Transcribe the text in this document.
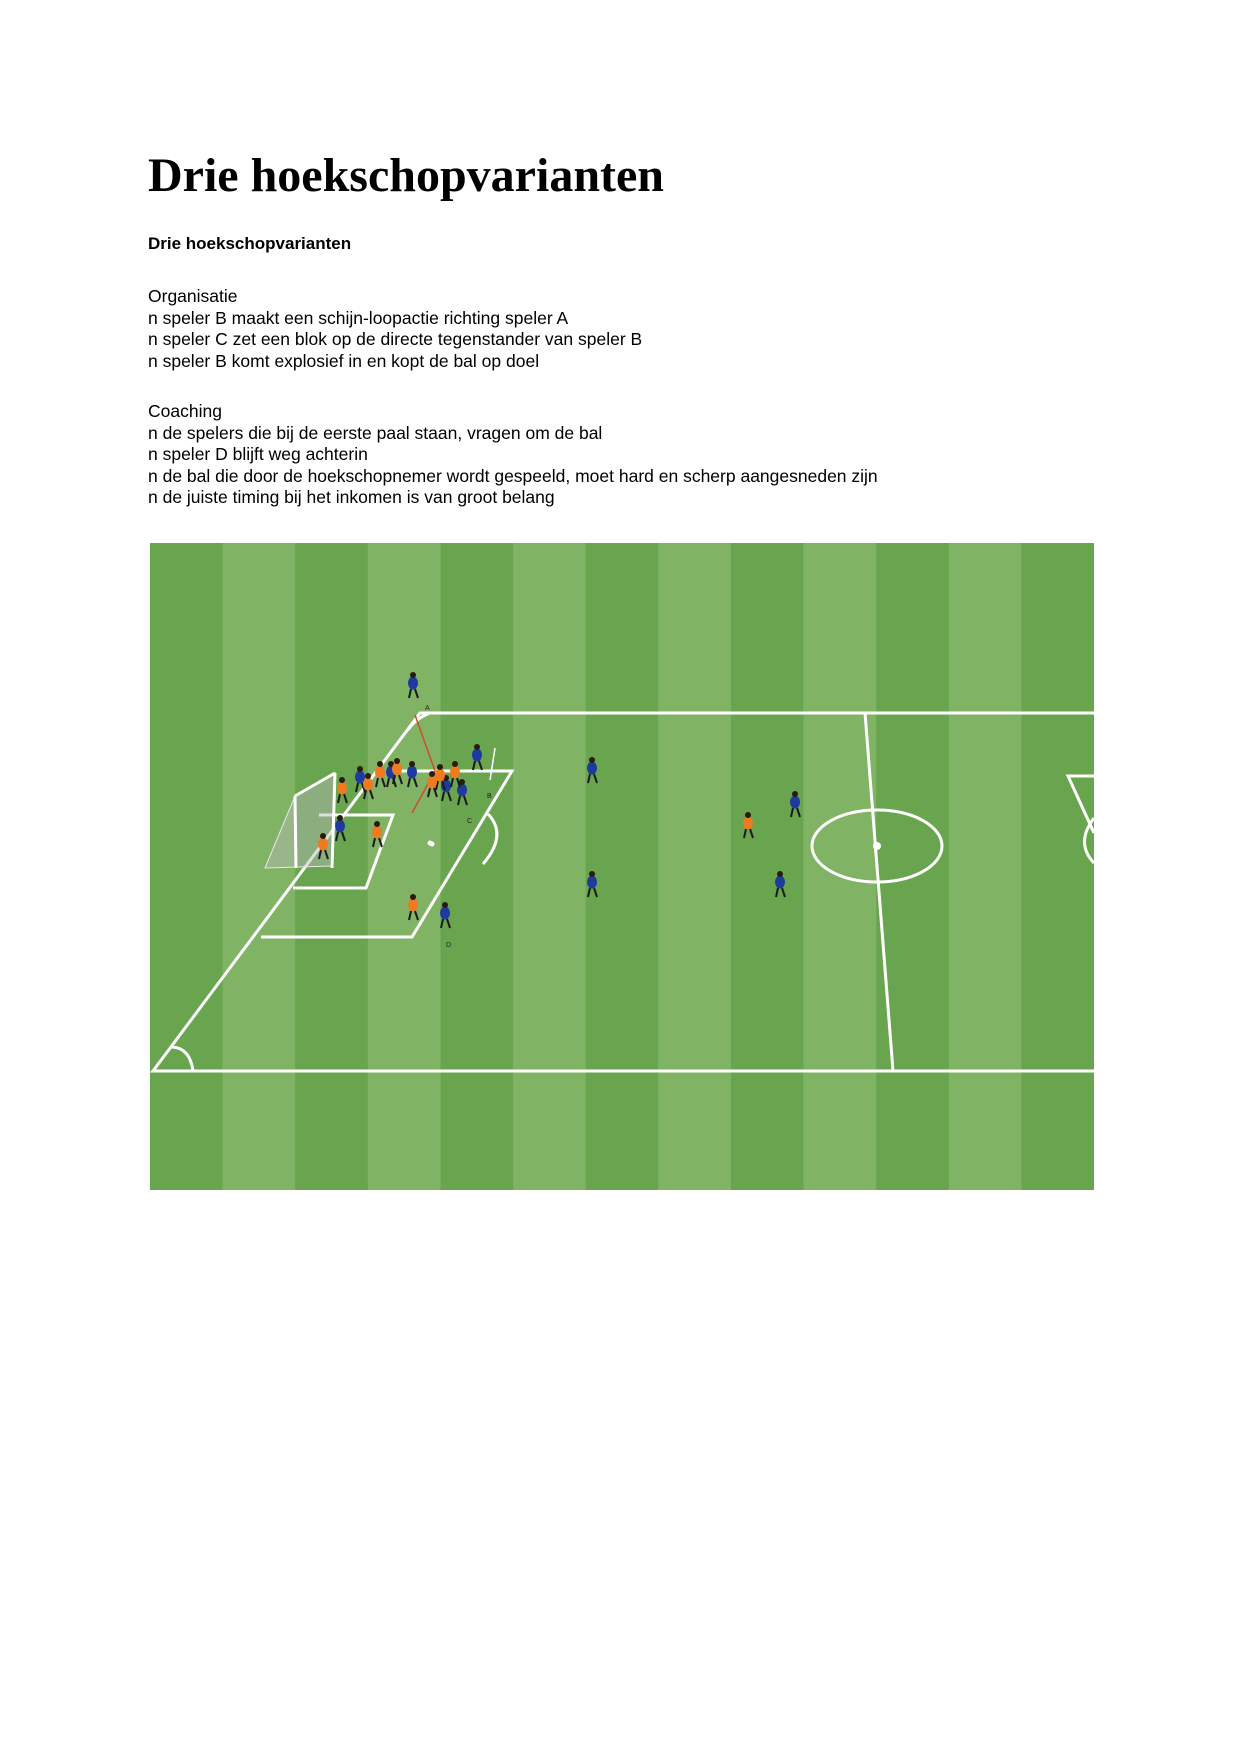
Drie hoekschopvarianten
Drie hoekschopvarianten
Organisatie
n speler B maakt een schijn-loopactie richting speler A
n speler C zet een blok op de directe tegenstander van speler B
n speler B komt explosief in en kopt de bal op doel
Coaching
n de spelers die bij de eerste paal staan, vragen om de bal
n speler D blijft weg achterin
n de bal die door de hoekschopnemer wordt gespeeld, moet hard en scherp aangesneden zijn
n de juiste timing bij het inkomen is van groot belang
A
B
C
D
